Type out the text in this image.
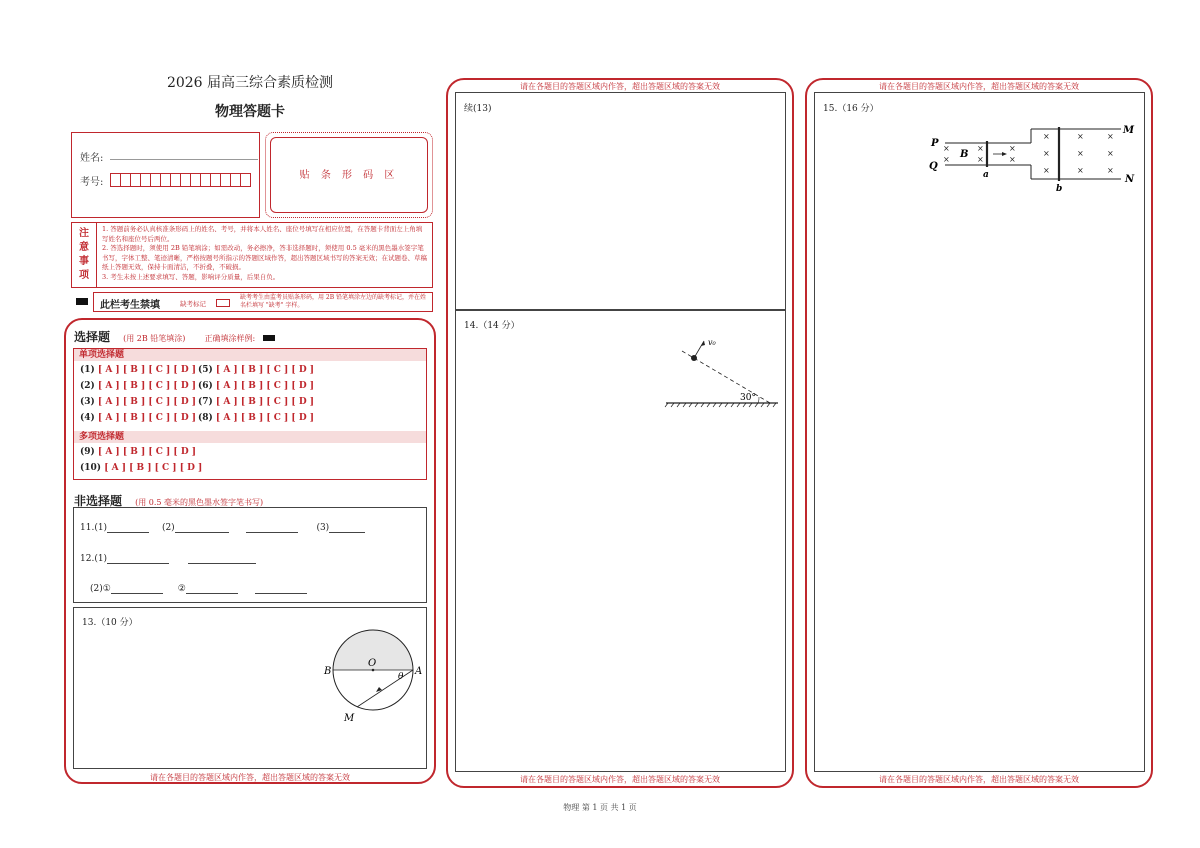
2026 届高三综合素质检测
物理答题卡
姓名:
考号:
贴 条 形 码 区
注
意
事
项
1. 答题前务必认真核准条形码上的姓名、考号，并将本人姓名、座位号填写在相应位置，在答题卡背面左上角填写姓名和座位号后两位。
2. 答选择题时，须使用 2B 铅笔填涂；如需改动，务必擦净，答非选择题时，须使用 0.5 毫米的黑色墨水签字笔书写，字体工整、笔迹清晰，严格按题号所指示的答题区域作答，超出答题区域书写的答案无效；在试题卷、草稿纸上答题无效，保持卡面清洁，不折叠，不破损。
3. 考生未按上述要求填写、答题，影响评分质量，后果自负。
此栏考生禁填	缺考标记
缺考考生由监考员贴条形码，用 2B 铅笔填涂左边的缺考标记，并在姓名栏填写 "缺考" 字样。
选择题 (用 2B 铅笔填涂) 正确填涂样例:
单项选择题
(1) [ A ] [ B ] [ C ] [ D ]
(2) [ A ] [ B ] [ C ] [ D ]
(3) [ A ] [ B ] [ C ] [ D ]
(4) [ A ] [ B ] [ C ] [ D ]
(5) [ A ] [ B ] [ C ] [ D ]
(6) [ A ] [ B ] [ C ] [ D ]
(7) [ A ] [ B ] [ C ] [ D ]
(8) [ A ] [ B ] [ C ] [ D ]
多项选择题
(9) [ A ] [ B ] [ C ] [ D ]
(10) [ A ] [ B ] [ C ] [ D ]
非选择题 (用 0.5 毫米的黑色墨水签字笔书写)
11.(1)	(2)	(3)
12.(1)
(2)①	②
13.（10 分）
B
O
A
θ
M
请在各题目的答题区域内作答，超出答题区域的答案无效
请在各题目的答题区域内作答，超出答题区域的答案无效
续(13)
14.（14 分）
v₀
30°
请在各题目的答题区域内作答，超出答题区域的答案无效
请在各题目的答题区域内作答，超出答题区域的答案无效
15.（16 分）
×
×
×
×
×
×
×
×
×
×
×
×
×
×
×
P
Q
B
a
b
M
N
请在各题目的答题区域内作答，超出答题区域的答案无效
物理 第 1 页 共 1 页
